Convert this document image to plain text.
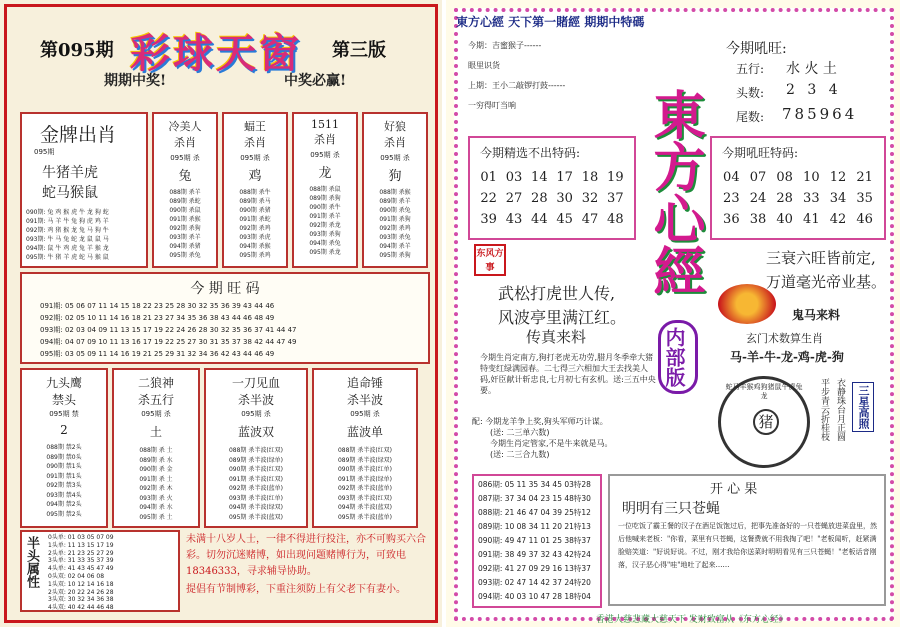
第095期 彩球天窗 第三版
期期中奖!	中奖必赢!
金牌出肖
095期
牛猪羊虎
蛇马猴鼠
090期: 兔 鸡 猴 虎 牛 龙 狗 蛇
091期: 马 羊 牛 兔 狗 虎 鸡 羊
092期: 鸡 猪 猴 龙 兔 马 狗 牛
093期: 牛 马 兔 蛇 龙 鼠 鼠 马
094期: 鼠 牛 鸡 虎 兔 羊 猴 龙
095期: 牛 猪 羊 虎 蛇 马 猴 鼠
冷美人
杀肖
095期 杀
兔
088期 杀羊
089期 杀蛇
090期 杀鼠
091期 杀猴
092期 杀狗
093期 杀羊
094期 杀猪
095期 杀兔
蝠王
杀肖
095期 杀
鸡
088期 杀牛
089期 杀马
090期 杀猪
091期 杀蛇
092期 杀鸡
093期 杀虎
094期 杀猴
095期 杀鸡
1511
杀肖
095期 杀
龙
088期 杀鼠
089期 杀狗
090期 杀牛
091期 杀羊
092期 杀龙
093期 杀狗
094期 杀兔
095期 杀龙
好狼
杀肖
095期 杀
狗
088期 杀猴
089期 杀羊
090期 杀兔
091期 杀狗
092期 杀鸡
093期 杀兔
094期 杀羊
095期 杀狗
今 期 旺 码
091期: 05 06 07 11 14 15 18 22 23 25 28 30 32 35 36 39 43 44 46
092期: 02 05 10 11 14 16 18 21 23 27 34 35 36 38 43 44 46 48 49
093期: 02 03 04 09 11 13 15 17 19 22 24 26 28 30 32 35 36 37 41 44 47
094期: 04 07 09 10 11 13 16 17 19 22 25 27 30 31 35 37 38 42 44 47 49
095期: 03 05 09 11 14 16 19 21 25 29 31 32 34 36 42 43 44 46 49
九头鹰
禁头
095期 禁
2
088期 禁2头
089期 禁0头
090期 禁1头
091期 禁1头
092期 禁3头
093期 禁4头
094期 禁2头
095期 禁2头
二狼神
杀五行
095期 杀
土
088期 杀 土
089期 杀 水
090期 杀 金
091期 杀 土
092期 杀 木
093期 杀 火
094期 杀 水
095期 杀 土
一刀见血
杀半波
095期 杀
蓝波双
088期 杀半波(红双)
089期 杀半波(绿单)
090期 杀半波(红双)
091期 杀半波(红双)
092期 杀半波(蓝单)
093期 杀半波(红单)
094期 杀半波(绿双)
095期 杀半波(蓝双)
追命锤
杀半波
095期 杀
蓝波单
088期 杀半波(红双)
089期 杀半波(绿双)
090期 杀半波(红单)
091期 杀半波(绿单)
092期 杀半波(蓝单)
093期 杀半波(红双)
094期 杀半波(蓝双)
095期 杀半波(蓝单)
半头属性 0头单: 01 03 05 07 09
1头单: 11 13 15 17 19
2头单: 21 23 25 27 29
3头单: 31 33 35 37 39
4头单: 41 43 45 47 49
0头双: 02 04 06 08
1头双: 10 12 14 16 18
2头双: 20 22 24 26 28
3头双: 30 32 34 36 38
4头双: 40 42 44 46 48
未满十八岁人士，一律不得进行投注，亦不可购买六合彩。切勿沉迷赌博，如出现问题赌博行为，可致电18346333，寻求辅导协助。
提倡有节制博彩，下重注须防上有父老下有妻小。
東方心經 天下第一賭經 期期中特碼
今期：吉蜜猴子------
眼里识货
上期：王小二敲锣打鼓------
一穷得叮当响
今期吼旺:
五行: 水 火 土
头数: 2 3 4
尾数: 785964
今期精选不出特码:
01 03 14 17 18 19
22 27 28 30 32 37
39 43 44 45 47 48
今期吼旺特码:
04 07 08 10 12 21
23 24 28 33 34 35
36 38 40 41 42 46
東方心經
内部版
东风方事
武松打虎世人传,
风波亭里满江红。
三衰六旺皆前定,
万道毫光帝业基。
鬼马来料
玄门术数算生肖
马-羊-牛-龙-鸡-虎-狗
传真来料
今期生肖定南方,狗打老虎无功劳,腊月冬季牵大猪特变红绿满园春。二七得三六相加大王去找美人码,奸臣献计斩忠良,七月初七有玄机。送:三五中央要。
配: 今期龙羊争上奖,狗头军师巧计谋。
(送: 二三单六数)
今期生肖定管家,不是牛来就是马。
(送: 二三合九数)
蛇马羊猴鸡狗猪鼠牛虎兔龙
猪	平步青云折桂枝 衣静珠台月正圆	三星高照
086期: 05 11 35 34 45 03特28
087期: 37 34 04 23 15 48特30
088期: 21 46 47 04 39 25特12
089期: 10 08 34 11 20 21特13
090期: 49 47 11 01 25 38特37
091期: 38 49 37 32 43 42特24
092期: 41 27 09 29 16 13特37
093期: 02 47 14 42 37 24特20
094期: 40 03 10 47 28 18特04
开 心 果
明明有三只苍蝇
一位吃饭了霸王餐的汉子在酒足饭饱过后，把事先准备好的一只苍蝇放进菜盘里，然后他喊来老板："你看，菜里有只苍蝇，这餐费就不用我掏了吧！"老板闻听，赶紧满脸赔笑道："好说好说。不过，刚才我给你送菜时明明看见有三只苍蝇！"老板话音刚落，汉子恶心得"哇"地吐了起来……
香港大慈悲藏大慈天下 发财致富从《东方心经》
